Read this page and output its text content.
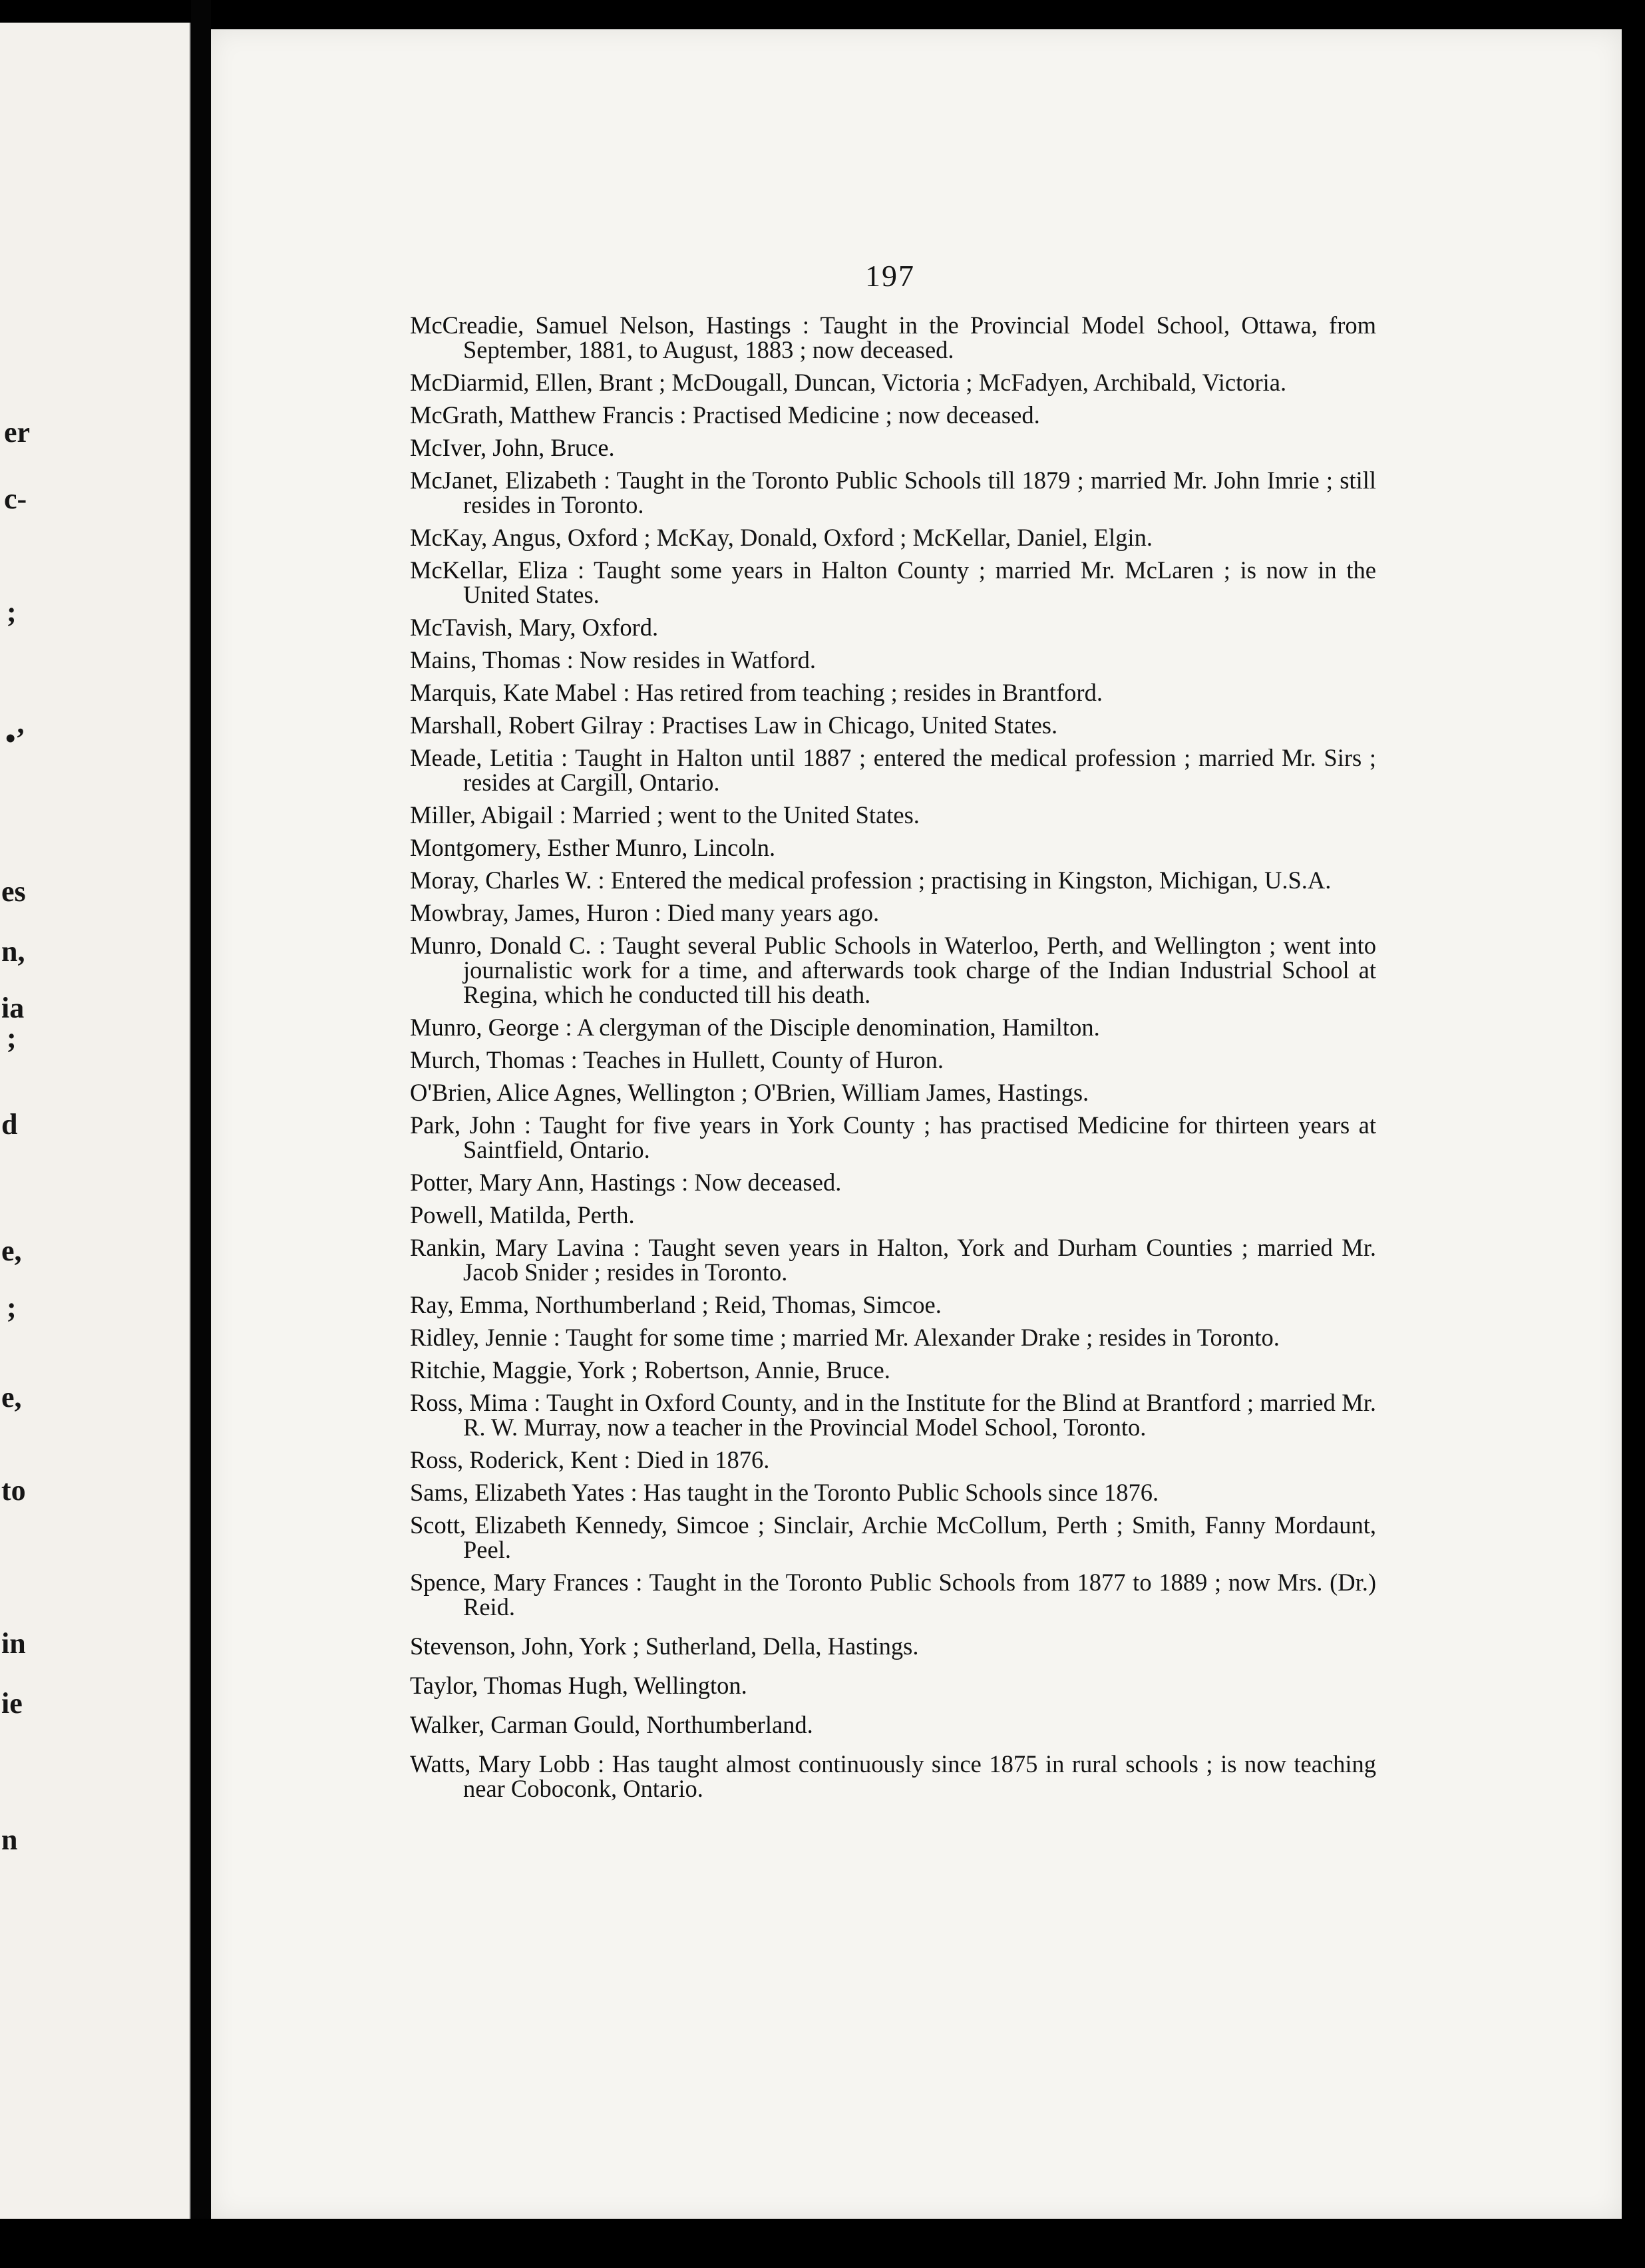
er
c-
;
•’
es
n,
ia
;
d
e,
;
e,
to
in
ie
n
197

McCreadie, Samuel Nelson, Hastings : Taught in the Provincial Model School, Ottawa, from September, 1881, to August, 1883 ; now deceased.

McDiarmid, Ellen, Brant ; McDougall, Duncan, Victoria ; McFadyen, Archibald, Victoria.

McGrath, Matthew Francis : Practised Medicine ; now deceased.

McIver, John, Bruce.

McJanet, Elizabeth : Taught in the Toronto Public Schools till 1879 ; married Mr. John Imrie ; still resides in Toronto.

McKay, Angus, Oxford ; McKay, Donald, Oxford ; McKellar, Daniel, Elgin.

McKellar, Eliza : Taught some years in Halton County ; married Mr. McLaren ; is now in the United States.

McTavish, Mary, Oxford.

Mains, Thomas : Now resides in Watford.

Marquis, Kate Mabel : Has retired from teaching ; resides in Brantford.

Marshall, Robert Gilray : Practises Law in Chicago, United States.

Meade, Letitia : Taught in Halton until 1887 ; entered the medical profession ; married Mr. Sirs ; resides at Cargill, Ontario.

Miller, Abigail : Married ; went to the United States.

Montgomery, Esther Munro, Lincoln.

Moray, Charles W. : Entered the medical profession ; practising in Kingston, Michigan, U.S.A.

Mowbray, James, Huron : Died many years ago.

Munro, Donald C. : Taught several Public Schools in Waterloo, Perth, and Wellington ; went into journalistic work for a time, and afterwards took charge of the Indian Industrial School at Regina, which he conducted till his death.

Munro, George : A clergyman of the Disciple denomination, Hamilton.

Murch, Thomas : Teaches in Hullett, County of Huron.

O'Brien, Alice Agnes, Wellington ; O'Brien, William James, Hastings.

Park, John : Taught for five years in York County ; has practised Medicine for thirteen years at Saintfield, Ontario.

Potter, Mary Ann, Hastings : Now deceased.

Powell, Matilda, Perth.

Rankin, Mary Lavina : Taught seven years in Halton, York and Durham Counties ; married Mr. Jacob Snider ; resides in Toronto.

Ray, Emma, Northumberland ; Reid, Thomas, Simcoe.

Ridley, Jennie : Taught for some time ; married Mr. Alexander Drake ; resides in Toronto.

Ritchie, Maggie, York ; Robertson, Annie, Bruce.

Ross, Mima : Taught in Oxford County, and in the Institute for the Blind at Brantford ; married Mr. R. W. Murray, now a teacher in the Provincial Model School, Toronto.

Ross, Roderick, Kent : Died in 1876.

Sams, Elizabeth Yates : Has taught in the Toronto Public Schools since 1876.

Scott, Elizabeth Kennedy, Simcoe ; Sinclair, Archie McCollum, Perth ; Smith, Fanny Mordaunt, Peel.

Spence, Mary Frances : Taught in the Toronto Public Schools from 1877 to 1889 ; now Mrs. (Dr.) Reid.

Stevenson, John, York ; Sutherland, Della, Hastings.

Taylor, Thomas Hugh, Wellington.

Walker, Carman Gould, Northumberland.

Watts, Mary Lobb : Has taught almost continuously since 1875 in rural schools ; is now teaching near Coboconk, Ontario.
